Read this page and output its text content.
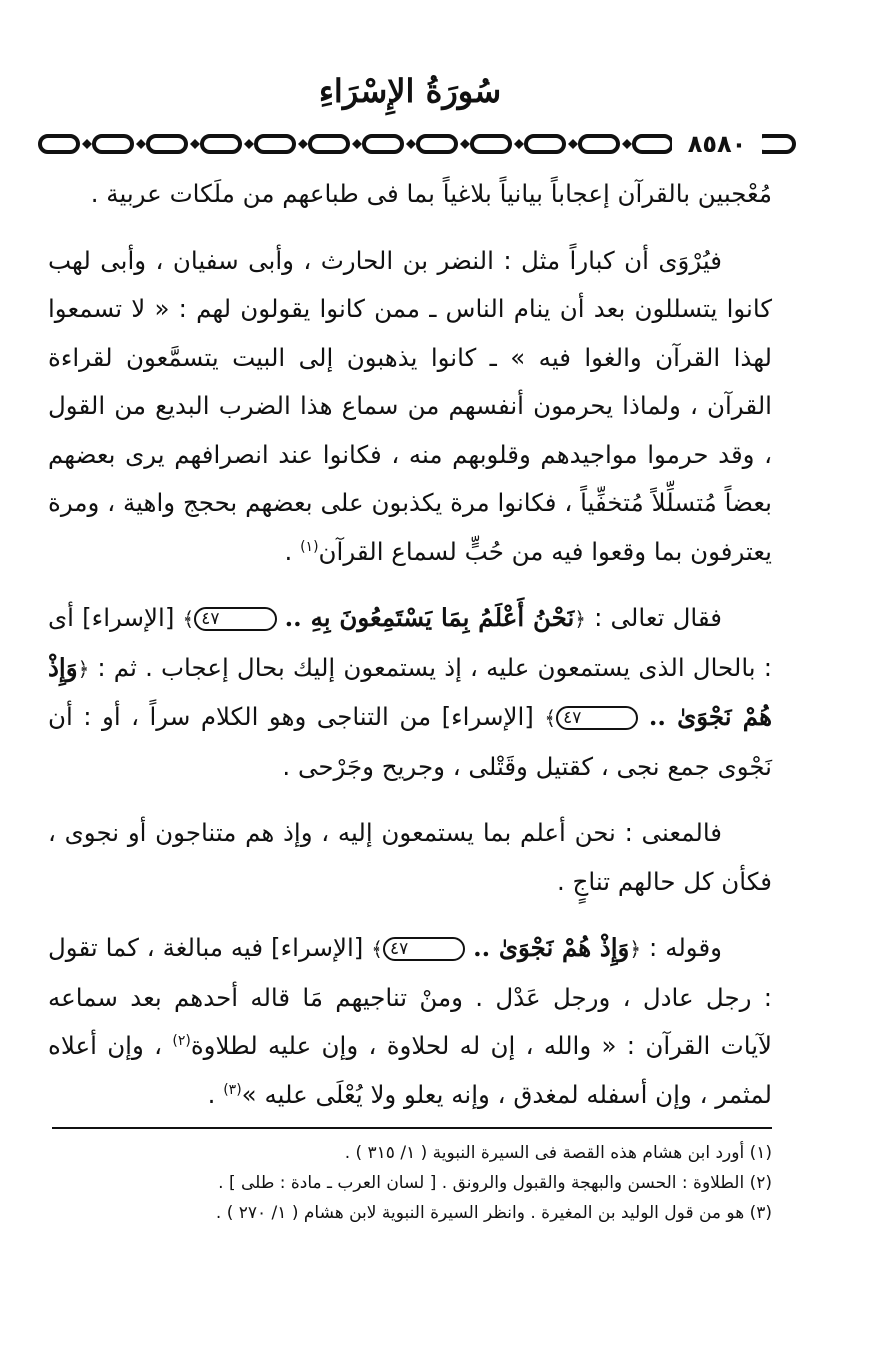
سُورَةُ الإِسْرَاءِ
٨٥٨٠

مُعْجبين بالقرآن إعجاباً بيانياً بلاغياً بما فى طباعهم من ملَكات عربية .

فيُرْوَى أن كباراً مثل : النضر بن الحارث ، وأبى سفيان ، وأبى لهب كانوا يتسللون بعد أن ينام الناس ـ ممن كانوا يقولون لهم : « لا تسمعوا لهذا القرآن والغوا فيه » ـ كانوا يذهبون إلى البيت يتسمَّعون لقراءة القرآن ، ولماذا يحرمون أنفسهم من سماع هذا الضرب البديع من القول ، وقد حرموا مواجيدهم وقلوبهم منه ، فكانوا عند انصرافهم يرى بعضهم بعضاً مُتسلِّلاً مُتخفِّياً ، فكانوا مرة يكذبون على بعضهم بحجج واهية ، ومرة يعترفون بما وقعوا فيه من حُبٍّ لسماع القرآن$^{(١)}$ .

فقال تعالى : ﴿نَحْنُ أَعْلَمُ بِمَا يَسْتَمِعُونَ بِهِ .. ٤٧﴾ [الإسراء] أى : بالحال الذى يستمعون عليه ، إذ يستمعون إليك بحال إعجاب . ثم : ﴿وَإِذْ هُمْ نَجْوَىٰ .. ٤٧﴾ [الإسراء] من التناجى وهو الكلام سراً ، أو : أن نَجْوى جمع نجى ، كقتيل وقَتْلى ، وجريح وجَرْحى .

فالمعنى : نحن أعلم بما يستمعون إليه ، وإذ هم متناجون أو نجوى ، فكأن كل حالهم تناجٍ .

وقوله : ﴿وَإِذْ هُمْ نَجْوَىٰ .. ٤٧﴾ [الإسراء] فيه مبالغة ، كما تقول : رجل عادل ، ورجل عَدْل . ومنْ تناجيهم مَا قاله أحدهم بعد سماعه لآيات القرآن : « والله ، إن له لحلاوة ، وإن عليه لطلاوة$^{(٢)}$ ، وإن أعلاه لمثمر ، وإن أسفله لمغدق ، وإنه يعلو ولا يُعْلَى عليه »$^{(٣)}$ .

(١) أورد ابن هشام هذه القصة فى السيرة النبوية ( ١/ ٣١٥ ) .
(٢) الطلاوة : الحسن والبهجة والقبول والرونق . [ لسان العرب ـ مادة : طلى ] .
(٣) هو من قول الوليد بن المغيرة . وانظر السيرة النبوية لابن هشام ( ١/ ٢٧٠ ) .
